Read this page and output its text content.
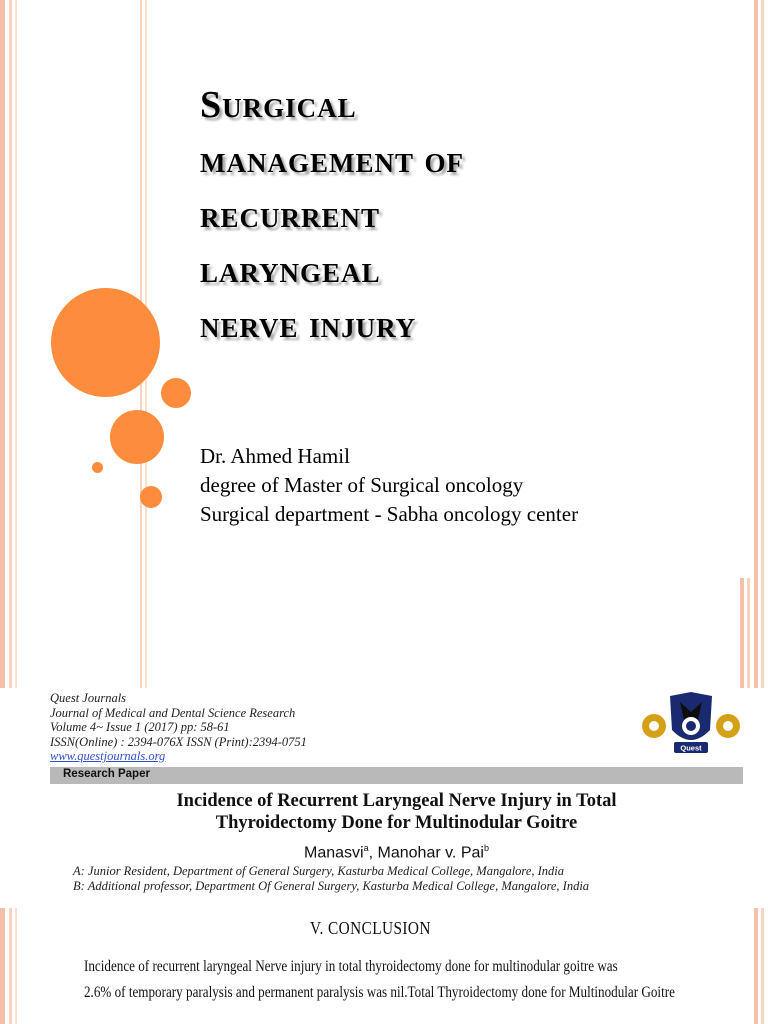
Surgical
management of
recurrent
laryngeal
nerve injury
Dr. Ahmed Hamil
degree of Master of Surgical oncology
Surgical department - Sabha oncology center
Quest Journals
Journal of Medical and Dental Science Research
Volume 4~ Issue 1 (2017) pp: 58-61
ISSN(Online) : 2394-076X ISSN (Print):2394-0751
www.questjournals.org
Quest
Research Paper
Incidence of Recurrent Laryngeal Nerve Injury in Total
Thyroidectomy Done for Multinodular Goitre
Manasvi$^a$, Manohar v. Pai$^b$
A: Junior Resident, Department of General Surgery, Kasturba Medical College, Mangalore, India
B: Additional professor, Department Of General Surgery, Kasturba Medical College, Mangalore, India
V. CONCLUSION
Incidence of recurrent laryngeal Nerve injury in total thyroidectomy done for multinodular goitre was
2.6% of temporary paralysis and permanent paralysis was nil.Total Thyroidectomy done for Multinodular Goitre
